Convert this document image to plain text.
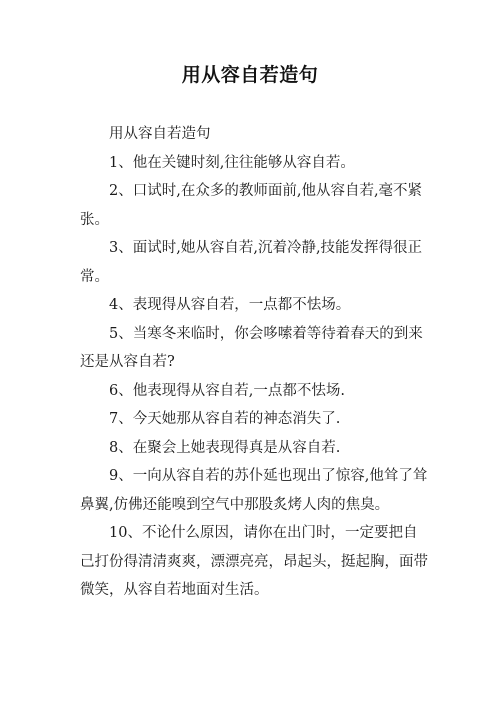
用从容自若造句

用从容自若造句

1、他在关键时刻,往往能够从容自若。

2、口试时,在众多的教师面前,他从容自若,毫不紧张。

3、面试时,她从容自若,沉着冷静,技能发挥得很正常。

4、表现得从容自若，一点都不怯场。

5、当寒冬来临时，你会哆嗦着等待着春天的到来还是从容自若?

6、他表现得从容自若,一点都不怯场.

7、今天她那从容自若的神态消失了.

8、在聚会上她表现得真是从容自若.

9、一向从容自若的苏仆延也现出了惊容,他耸了耸鼻翼,仿佛还能嗅到空气中那股炙烤人肉的焦臭。

10、不论什么原因，请你在出门时，一定要把自己打份得清清爽爽，漂漂亮亮，昂起头，挺起胸，面带微笑，从容自若地面对生活。
